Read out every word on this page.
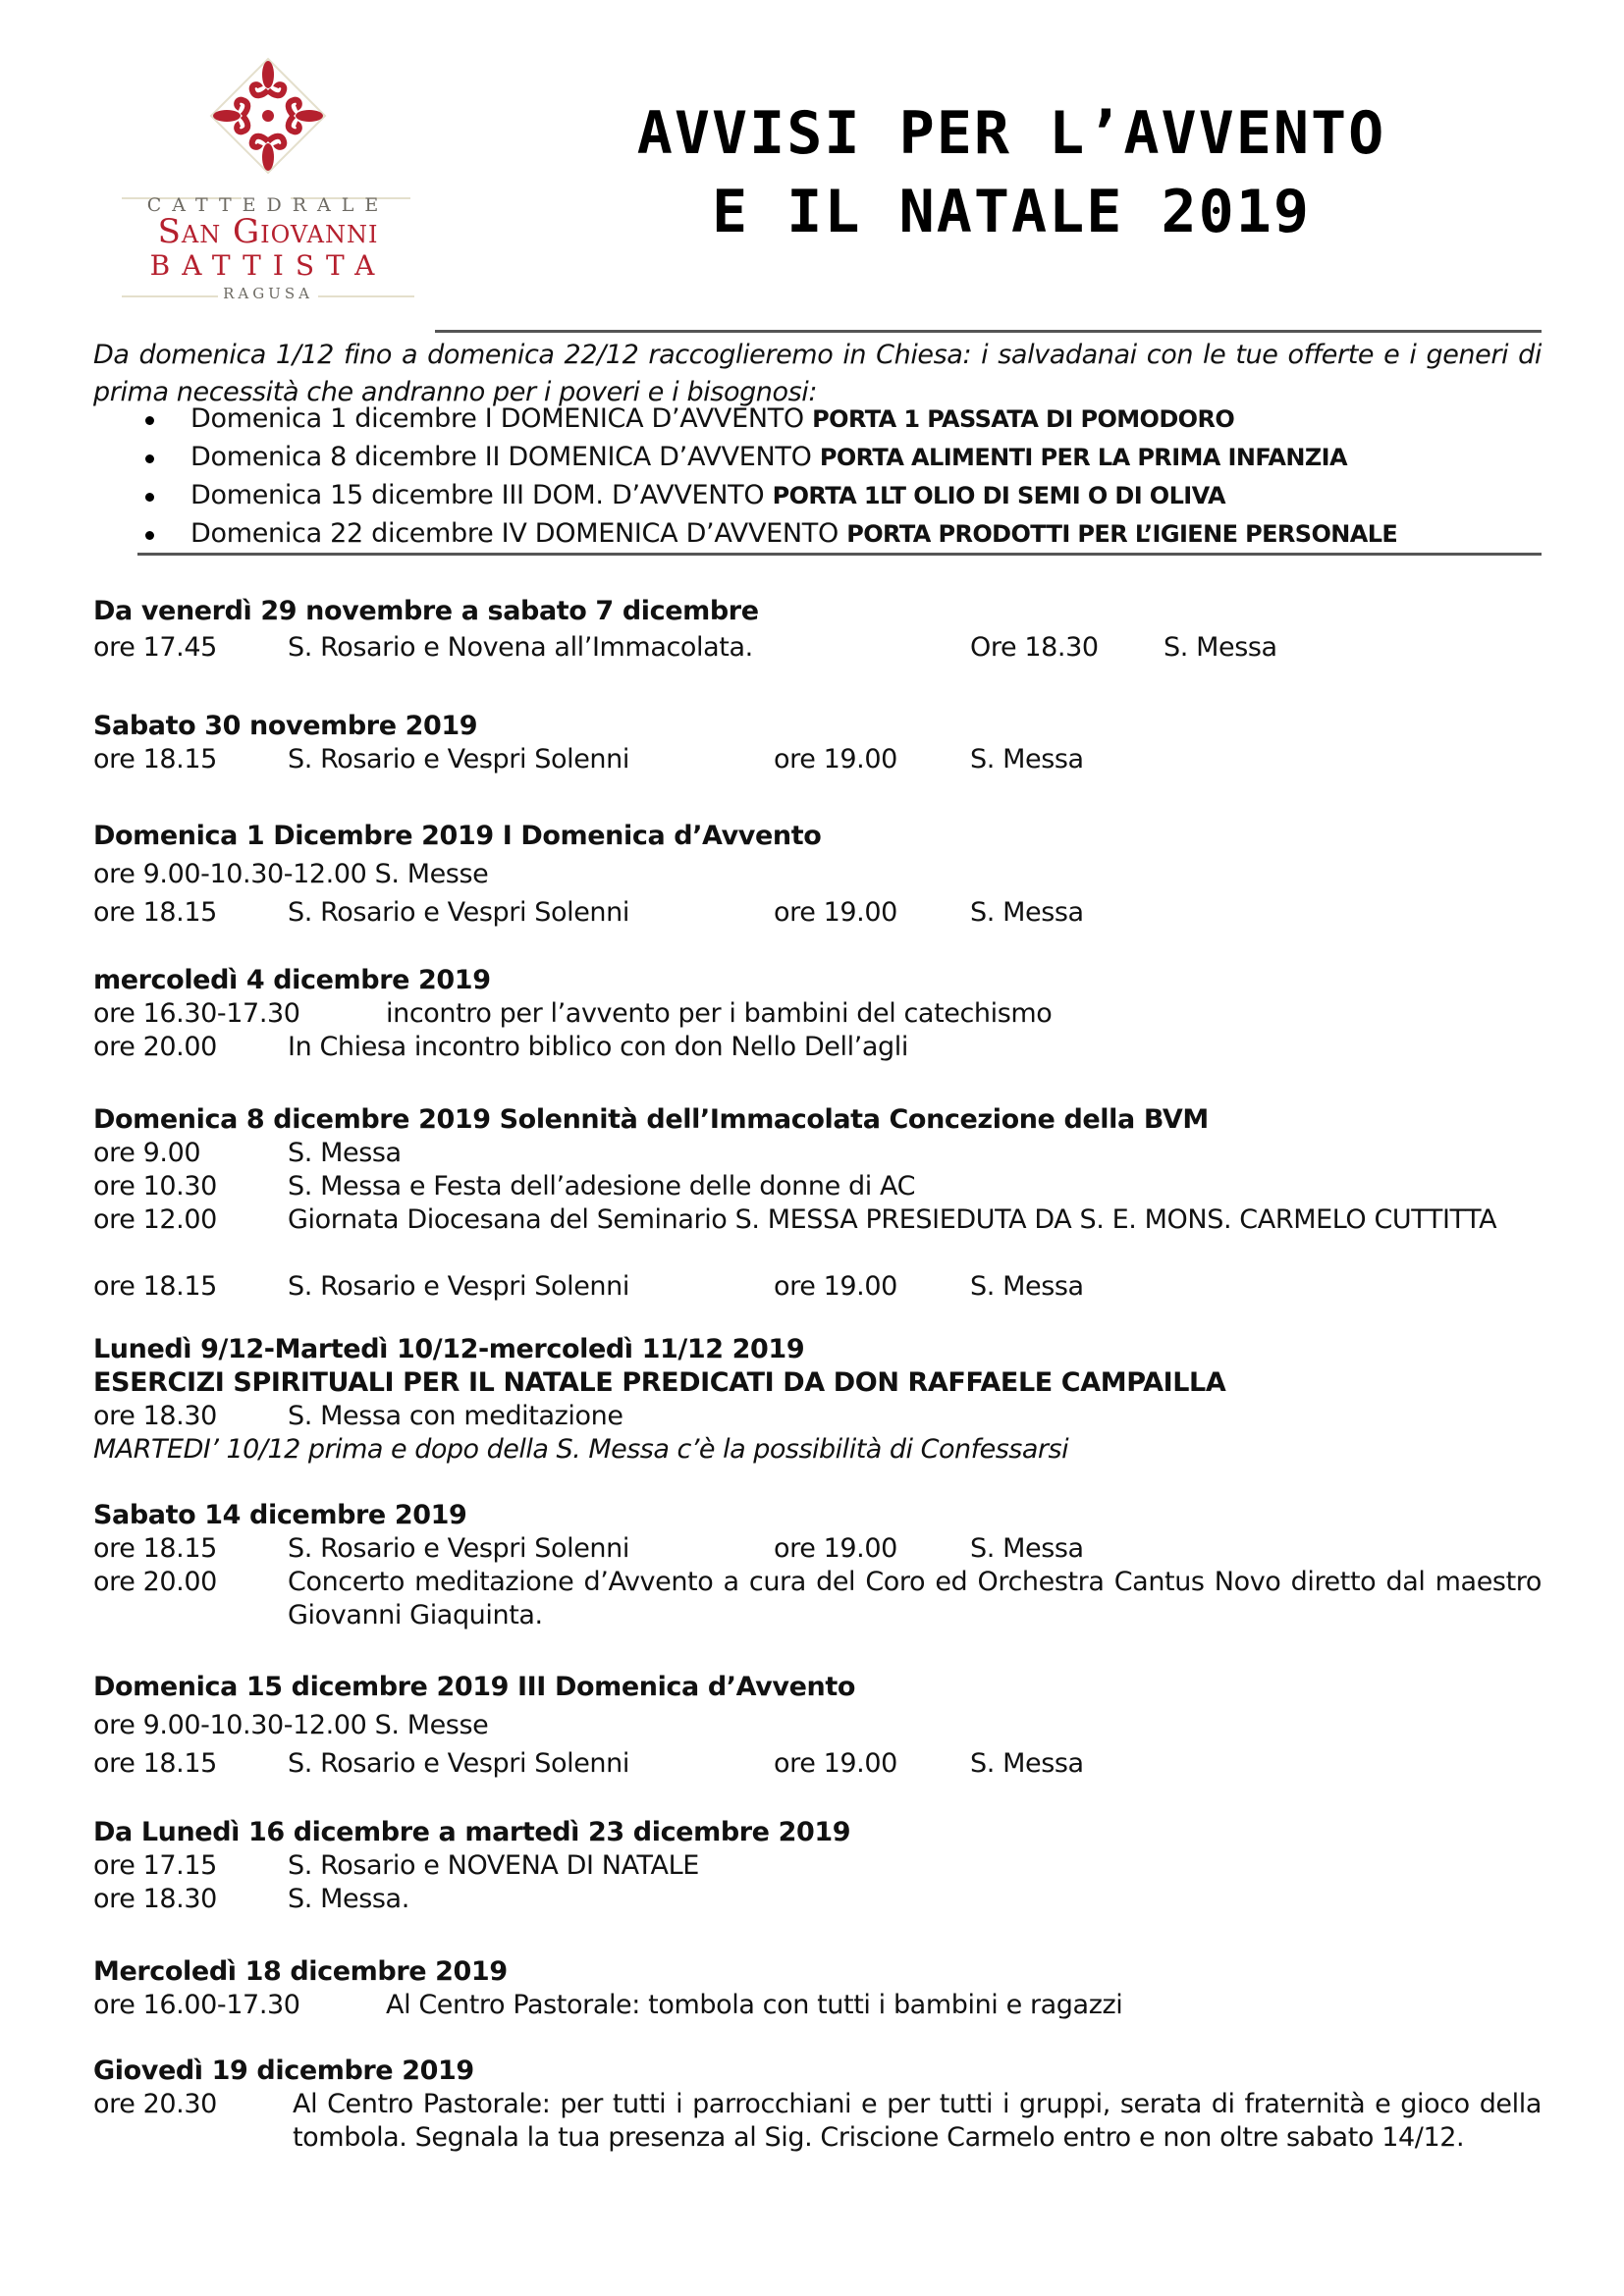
CATTEDRALE
San Giovanni
BATTISTA
RAGUSA
AVVISI PER L’AVVENTO
E IL NATALE 2019
Da domenica 1/12 fino a domenica 22/12 raccoglieremo in Chiesa: i salvadanai con le tue offerte e i generi di prima necessità che andranno per i poveri e i bisognosi:
Domenica 1 dicembre I DOMENICA D’AVVENTO PORTA 1 PASSATA DI POMODORO
Domenica 8 dicembre II DOMENICA D’AVVENTO PORTA ALIMENTI PER LA PRIMA INFANZIA
Domenica 15 dicembre III DOM. D’AVVENTO PORTA 1LT OLIO DI SEMI O DI OLIVA
Domenica 22 dicembre IV DOMENICA D’AVVENTO PORTA PRODOTTI PER L’IGIENE PERSONALE
Da venerdì 29 novembre a sabato 7 dicembre
ore 17.45	S. Rosario e Novena all’Immacolata.	Ore 18.30 S. Messa
Sabato 30 novembre 2019
ore 18.15	S. Rosario e Vespri Solenni	ore 19.00	S. Messa
Domenica 1 Dicembre 2019 I Domenica d’Avvento
ore 9.00-10.30-12.00 S. Messe
ore 18.15	S. Rosario e Vespri Solenni	ore 19.00	S. Messa
mercoledì 4 dicembre 2019
ore 16.30-17.30	incontro per l’avvento per i bambini del catechismo
ore 20.00	In Chiesa incontro biblico con don Nello Dell’agli
Domenica 8 dicembre 2019 Solennità dell’Immacolata Concezione della BVM
ore 9.00	S. Messa
ore 10.30	S. Messa e Festa dell’adesione delle donne di AC
ore 12.00	Giornata Diocesana del Seminario S. MESSA PRESIEDUTA DA S. E. MONS. CARMELO CUTTITTA
ore 18.15	S. Rosario e Vespri Solenni	ore 19.00	S. Messa
Lunedì 9/12-Martedì 10/12-mercoledì 11/12 2019
ESERCIZI SPIRITUALI PER IL NATALE PREDICATI DA DON RAFFAELE CAMPAILLA
ore 18.30	S. Messa con meditazione
MARTEDI’ 10/12 prima e dopo della S. Messa c’è la possibilità di Confessarsi
Sabato 14 dicembre 2019
ore 18.15	S. Rosario e Vespri Solenni	ore 19.00	S. Messa
ore 20.00	Concerto meditazione d’Avvento a cura del Coro ed Orchestra Cantus Novo diretto dal maestro Giovanni Giaquinta.
Domenica 15 dicembre 2019 III Domenica d’Avvento
ore 9.00-10.30-12.00 S. Messe
ore 18.15	S. Rosario e Vespri Solenni	ore 19.00	S. Messa
Da Lunedì 16 dicembre a martedì 23 dicembre 2019
ore 17.15	S. Rosario e NOVENA DI NATALE
ore 18.30	S. Messa.
Mercoledì 18 dicembre 2019
ore 16.00-17.30	Al Centro Pastorale: tombola con tutti i bambini e ragazzi
Giovedì 19 dicembre 2019
ore 20.30	Al Centro Pastorale: per tutti i parrocchiani e per tutti i gruppi, serata di fraternità e gioco della tombola. Segnala la tua presenza al Sig. Criscione Carmelo entro e non oltre sabato 14/12.
